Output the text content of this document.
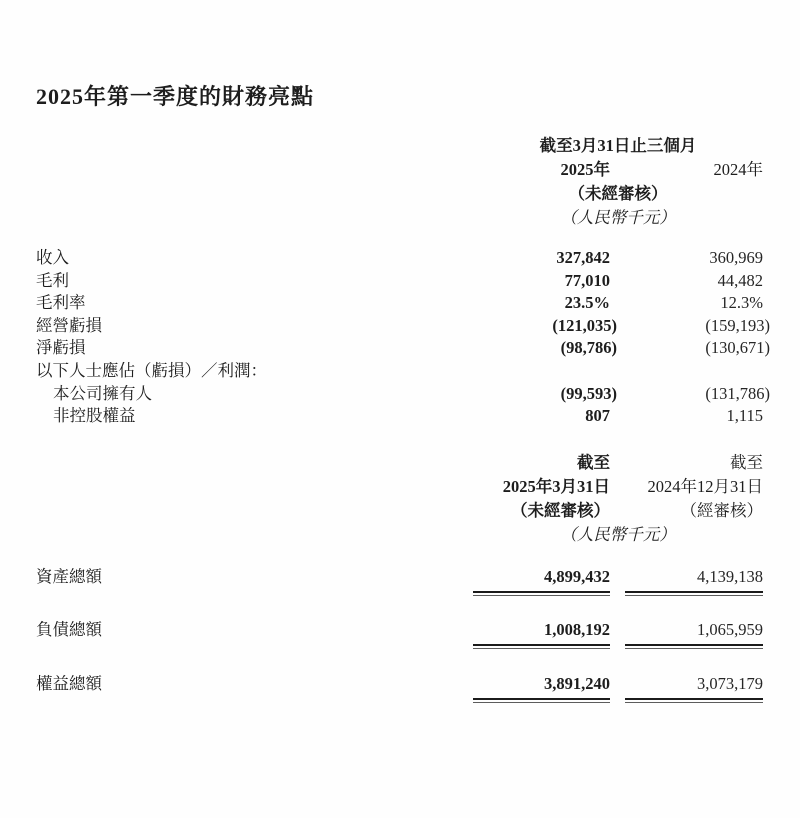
2025年第一季度的財務亮點
截至3月31日止三個月
2025年	2024年
（未經審核）
（人民幣千元）
收入	327,842	360,969
毛利	77,010	44,482
毛利率	23.5%	12.3%
經營虧損	(121,035)	(159,193)
淨虧損	(98,786)	(130,671)
以下人士應佔（虧損）／利潤：
本公司擁有人	(99,593)	(131,786)
非控股權益	807	1,115
截至	截至
2025年3月31日	2024年12月31日
（未經審核）	（經審核）
（人民幣千元）
資產總額	4,899,432	4,139,138
負債總額	1,008,192	1,065,959
權益總額	3,891,240	3,073,179
